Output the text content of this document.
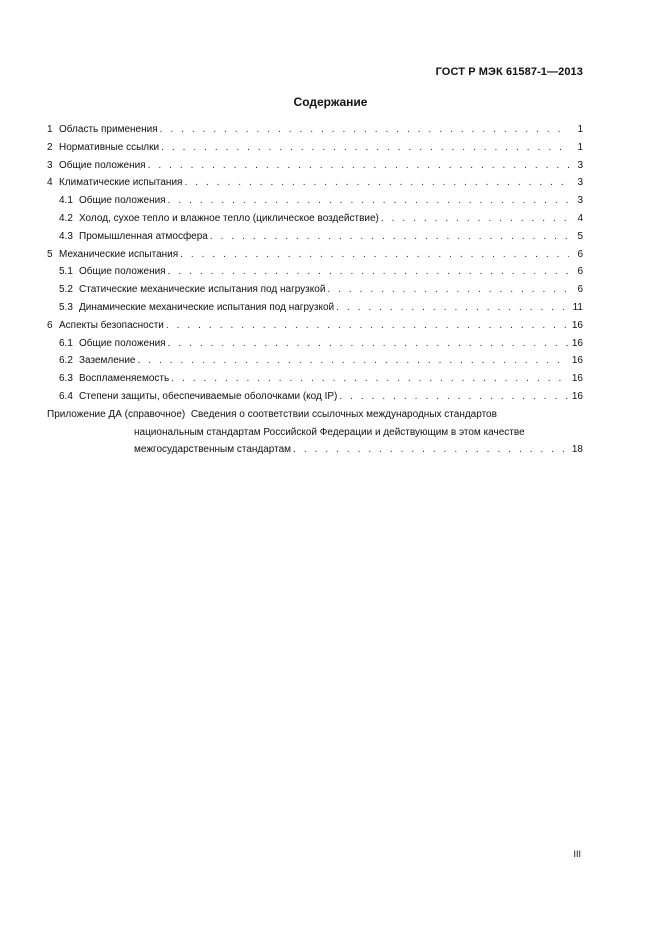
ГОСТ Р МЭК 61587-1—2013
Содержание
1 Область применения . . .	1
2 Нормативные ссылки . . .	1
3 Общие положения . . .	3
4 Климатические испытания . . .	3
4.1 Общие положения . . .	3
4.2 Холод, сухое тепло и влажное тепло (циклическое воздействие) . . .	4
4.3 Промышленная атмосфера . . .	5
5 Механические испытания . . .	6
5.1 Общие положения . . .	6
5.2 Статические механические испытания под нагрузкой . . .	6
5.3 Динамические механические испытания под нагрузкой . . .	11
6 Аспекты безопасности . . .	16
6.1 Общие положения . . .	16
6.2 Заземление . . .	16
6.3 Воспламеняемость . . .	16
6.4 Степени защиты, обеспечиваемые оболочками (код IP) . . .	16
Приложение ДА (справочное) Сведения о соответствии ссылочных международных стандартов
национальным стандартам Российской Федерации и действующим в этом качестве
межгосударственным стандартам . . .	18
III
